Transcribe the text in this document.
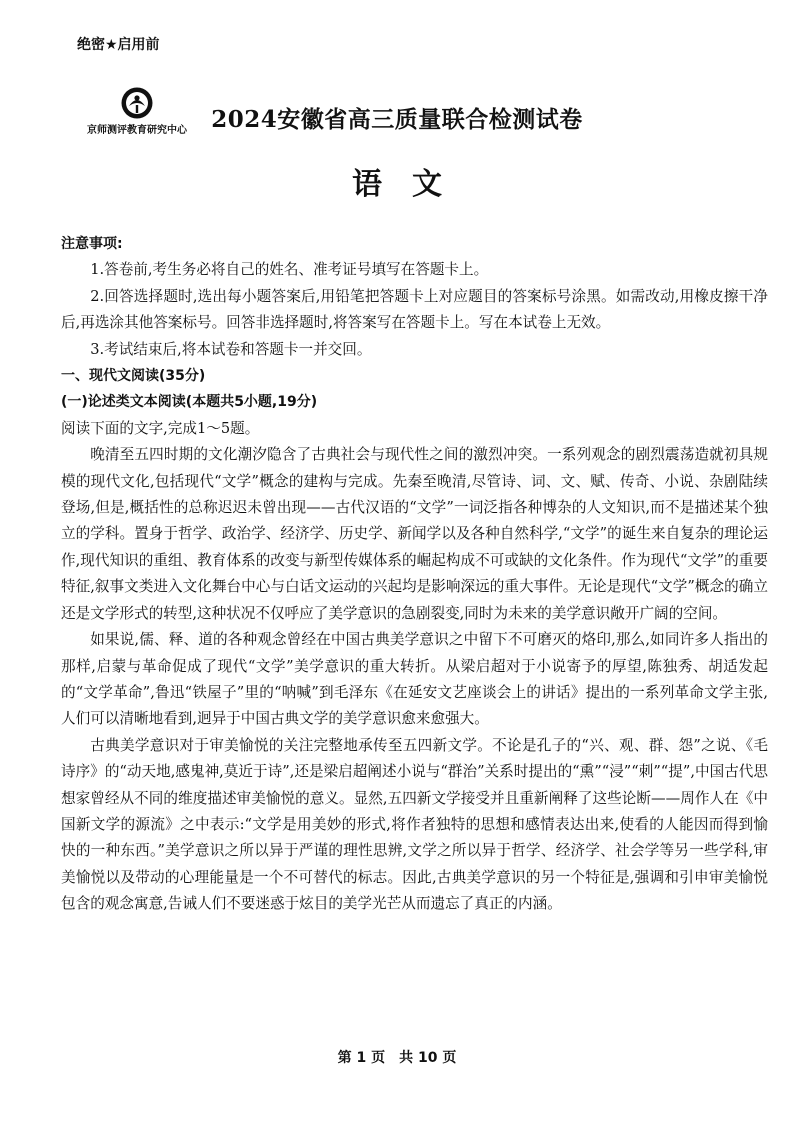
绝密★启用前
京师测评教育研究中心	2024安徽省高三质量联合检测试卷
语文

注意事项:

1.答卷前,考生务必将自己的姓名、准考证号填写在答题卡上。

2.回答选择题时,选出每小题答案后,用铅笔把答题卡上对应题目的答案标号涂黑。如需改动,用橡皮擦干净后,再选涂其他答案标号。回答非选择题时,将答案写在答题卡上。写在本试卷上无效。

3.考试结束后,将本试卷和答题卡一并交回。

一、现代文阅读(35分)

(一)论述类文本阅读(本题共5小题,19分)

阅读下面的文字,完成1～5题。

晚清至五四时期的文化潮汐隐含了古典社会与现代性之间的激烈冲突。一系列观念的剧烈震荡造就初具规模的现代文化,包括现代“文学”概念的建构与完成。先秦至晚清,尽管诗、词、文、赋、传奇、小说、杂剧陆续登场,但是,概括性的总称迟迟未曾出现——古代汉语的“文学”一词泛指各种博杂的人文知识,而不是描述某个独立的学科。置身于哲学、政治学、经济学、历史学、新闻学以及各种自然科学,“文学”的诞生来自复杂的理论运作,现代知识的重组、教育体系的改变与新型传媒体系的崛起构成不可或缺的文化条件。作为现代“文学”的重要特征,叙事文类进入文化舞台中心与白话文运动的兴起均是影响深远的重大事件。无论是现代“文学”概念的确立还是文学形式的转型,这种状况不仅呼应了美学意识的急剧裂变,同时为未来的美学意识敞开广阔的空间。

如果说,儒、释、道的各种观念曾经在中国古典美学意识之中留下不可磨灭的烙印,那么,如同许多人指出的那样,启蒙与革命促成了现代“文学”美学意识的重大转折。从梁启超对于小说寄予的厚望,陈独秀、胡适发起的“文学革命”,鲁迅“铁屋子”里的“呐喊”到毛泽东《在延安文艺座谈会上的讲话》提出的一系列革命文学主张,人们可以清晰地看到,迥异于中国古典文学的美学意识愈来愈强大。

古典美学意识对于审美愉悦的关注完整地承传至五四新文学。不论是孔子的“兴、观、群、怨”之说、《毛诗序》的“动天地,感鬼神,莫近于诗”,还是梁启超阐述小说与“群治”关系时提出的“熏”“浸”“刺”“提”,中国古代思想家曾经从不同的维度描述审美愉悦的意义。显然,五四新文学接受并且重新阐释了这些论断——周作人在《中国新文学的源流》之中表示:“文学是用美妙的形式,将作者独特的思想和感情表达出来,使看的人能因而得到愉快的一种东西。”美学意识之所以异于严谨的理性思辨,文学之所以异于哲学、经济学、社会学等另一些学科,审美愉悦以及带动的心理能量是一个不可替代的标志。因此,古典美学意识的另一个特征是,强调和引申审美愉悦包含的观念寓意,告诫人们不要迷惑于炫目的美学光芒从而遗忘了真正的内涵。

第 1 页　共 10 页
